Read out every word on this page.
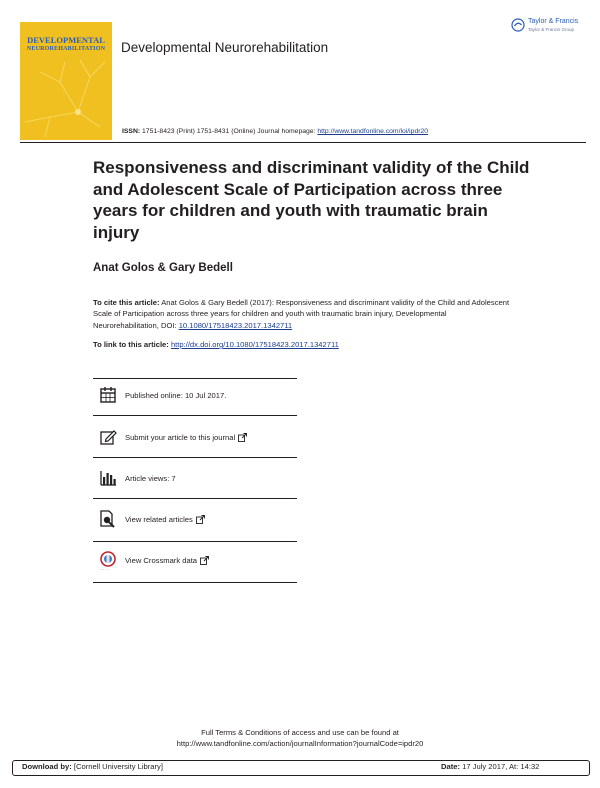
DEVELOPMENTAL
NEUROREHABILITATION	Developmental Neurorehabilitation
Taylor & Francis
Taylor & Francis Group
ISSN: 1751-8423 (Print) 1751-8431 (Online) Journal homepage: http://www.tandfonline.com/loi/ipdr20
Responsiveness and discriminant validity of the Child and Adolescent Scale of Participation across three years for children and youth with traumatic brain injury
Anat Golos & Gary Bedell
To cite this article: Anat Golos & Gary Bedell (2017): Responsiveness and discriminant validity of the Child and Adolescent Scale of Participation across three years for children and youth with traumatic brain injury, Developmental Neurorehabilitation, DOI: 10.1080/17518423.2017.1342711
To link to this article: http://dx.doi.org/10.1080/17518423.2017.1342711
Published online: 10 Jul 2017.
Submit your article to this journal
Article views: 7
View related articles
· · · · ·
View Crossmark data
Full Terms & Conditions of access and use can be found at
http://www.tandfonline.com/action/journalInformation?journalCode=ipdr20
Download by: [Cornell University Library]	Date: 17 July 2017, At: 14:32
